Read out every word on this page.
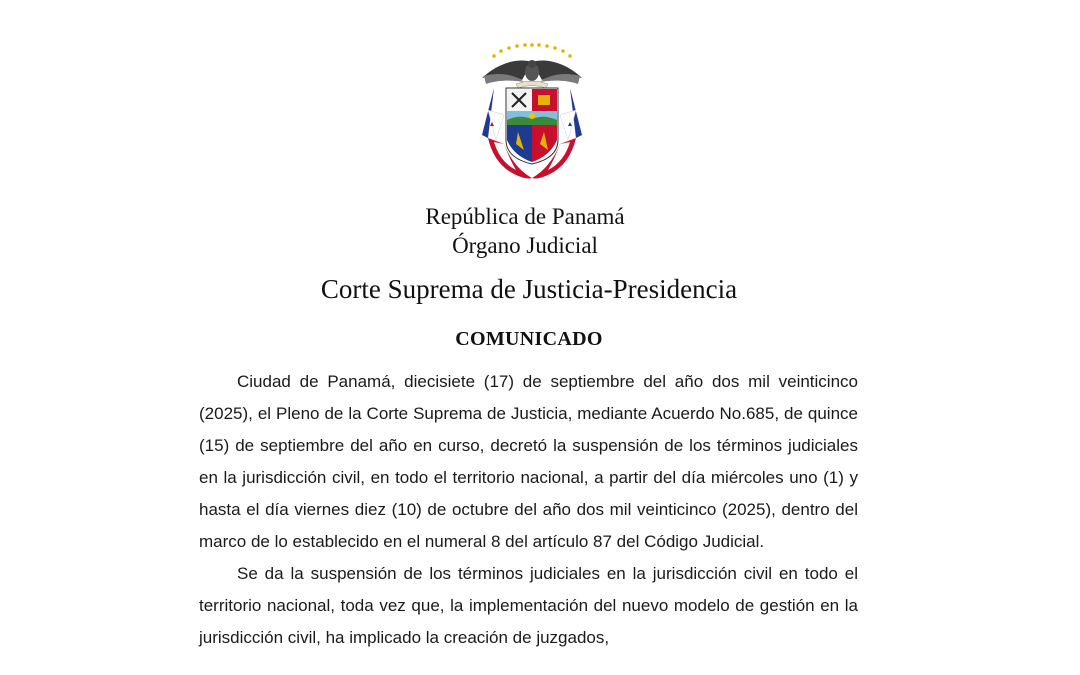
República de Panamá

Órgano Judicial

Corte Suprema de Justicia-Presidencia

COMUNICADO

Ciudad de Panamá, diecisiete (17) de septiembre del año dos mil veinticinco (2025), el Pleno de la Corte Suprema de Justicia, mediante Acuerdo No.685, de quince (15) de septiembre del año en curso, decretó la suspensión de los términos judiciales en la jurisdicción civil, en todo el territorio nacional, a partir del día miércoles uno (1) y hasta el día viernes diez (10) de octubre del año dos mil veinticinco (2025), dentro del marco de lo establecido en el numeral 8 del artículo 87 del Código Judicial.

Se da la suspensión de los términos judiciales en la jurisdicción civil en todo el territorio nacional, toda vez que, la implementación del nuevo modelo de gestión en la jurisdicción civil, ha implicado la creación de juzgados,
